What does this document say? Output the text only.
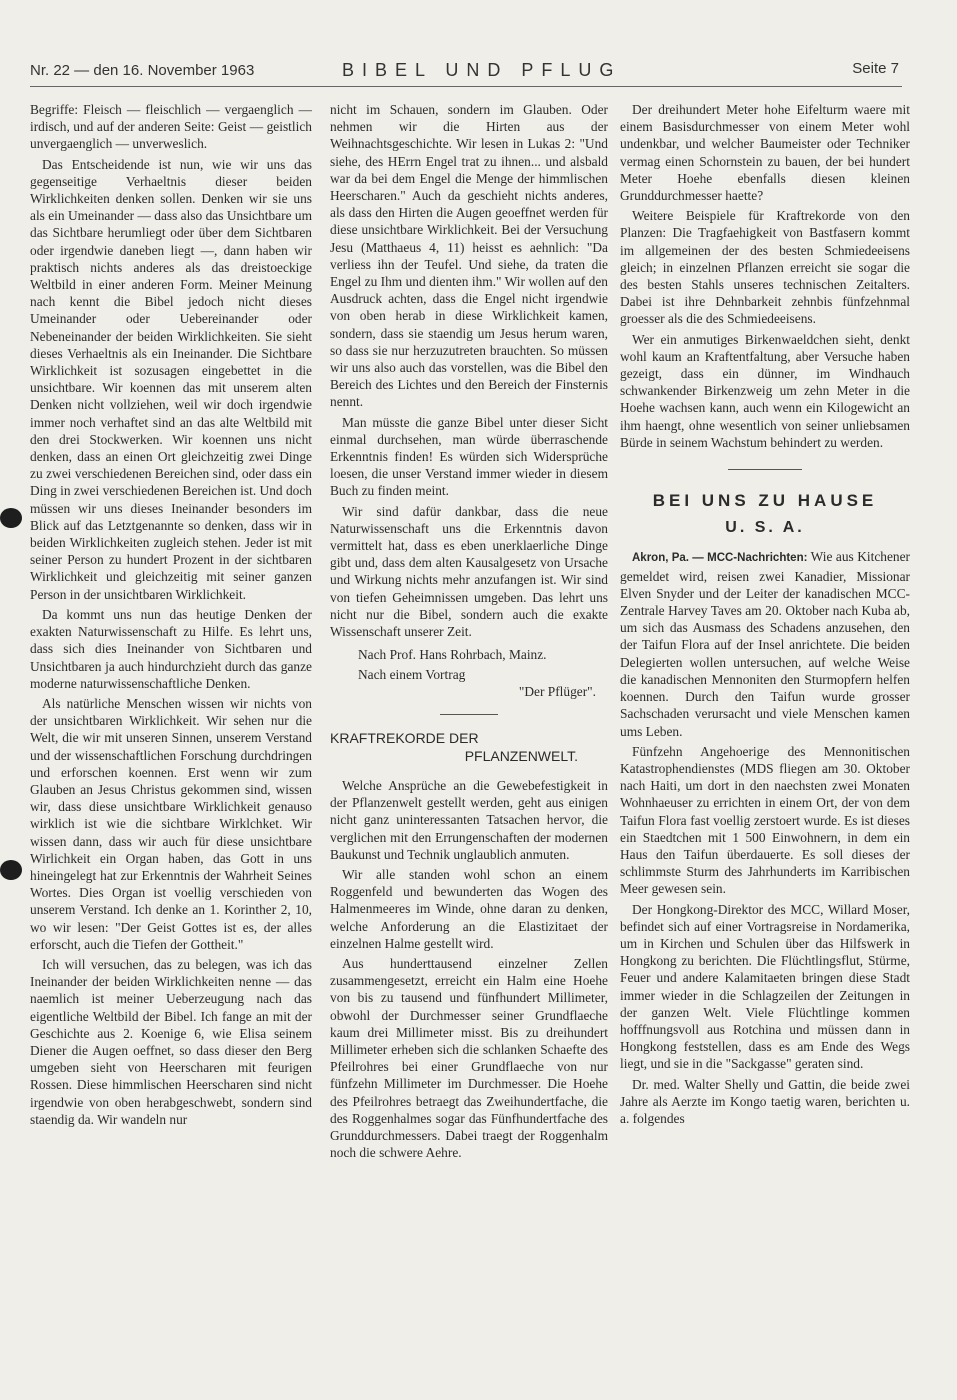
Nr. 22 — den 16. November 1963	BIBEL UND PFLUG	Seite 7

Begriffe: Fleisch — fleischlich — vergaenglich — irdisch, und auf der anderen Seite: Geist — geistlich unvergaenglich — unverweslich.

Das Entscheidende ist nun, wie wir uns das gegenseitige Verhaeltnis dieser beiden Wirklichkeiten denken sollen. Denken wir sie uns als ein Umeinander — dass also das Unsichtbare um das Sichtbare herumliegt oder über dem Sichtbaren oder irgendwie daneben liegt —, dann haben wir praktisch nichts anderes als das dreistoeckige Weltbild in einer anderen Form. Meiner Meinung nach kennt die Bibel jedoch nicht dieses Umeinander oder Uebereinander oder Nebeneinander der beiden Wirklichkeiten. Sie sieht dieses Verhaeltnis als ein Ineinander. Die Sichtbare Wirklichkeit ist sozusagen eingebettet in die unsichtbare. Wir koennen das mit unserem alten Denken nicht vollziehen, weil wir doch irgendwie immer noch verhaftet sind an das alte Weltbild mit den drei Stockwerken. Wir koennen uns nicht denken, dass an einen Ort gleichzeitig zwei Dinge zu zwei verschiedenen Bereichen sind, oder dass ein Ding in zwei verschiedenen Bereichen ist. Und doch müssen wir uns dieses Ineinander besonders im Blick auf das Letztgenannte so denken, dass wir in beiden Wirklichkeiten zugleich stehen. Jeder ist mit seiner Person zu hundert Prozent in der sichtbaren Wirklichkeit und gleichzeitig mit seiner ganzen Person in der unsichtbaren Wirklichkeit.

Da kommt uns nun das heutige Denken der exakten Naturwissenschaft zu Hilfe. Es lehrt uns, dass sich dies Ineinander von Sichtbaren und Unsichtbaren ja auch hindurchzieht durch das ganze moderne naturwissenschaftliche Denken.

Als natürliche Menschen wissen wir nichts von der unsichtbaren Wirklichkeit. Wir sehen nur die Welt, die wir mit unseren Sinnen, unserem Verstand und der wissenschaftlichen Forschung durchdringen und erforschen koennen. Erst wenn wir zum Glauben an Jesus Christus gekommen sind, wissen wir, dass diese unsichtbare Wirklichkeit genauso wirklich ist wie die sichtbare Wirklchket. Wir wissen dann, dass wir auch für diese unsichtbare Wirlichkeit ein Organ haben, das Gott in uns hineingelegt hat zur Erkenntnis der Wahrheit Seines Wortes. Dies Organ ist voellig verschieden von unserem Verstand. Ich denke an 1. Korinther 2, 10, wo wir lesen: "Der Geist Gottes ist es, der alles erforscht, auch die Tiefen der Gottheit."

Ich will versuchen, das zu belegen, was ich das Ineinander der beiden Wirklichkeiten nenne — das naemlich ist meiner Ueberzeugung nach das eigentliche Weltbild der Bibel. Ich fange an mit der Geschichte aus 2. Koenige 6, wie Elisa seinem Diener die Augen oeffnet, so dass dieser den Berg umgeben sieht von Heerscharen mit feurigen Rossen. Diese himmlischen Heerscharen sind nicht irgendwie von oben herabgeschwebt, sondern sind staendig da. Wir wandeln nur

nicht im Schauen, sondern im Glauben. Oder nehmen wir die Hirten aus der Weihnachtsgeschichte. Wir lesen in Lukas 2: "Und siehe, des HErrn Engel trat zu ihnen... und alsbald war da bei dem Engel die Menge der himmlischen Heerscharen." Auch da geschieht nichts anderes, als dass den Hirten die Augen geoeffnet werden für diese unsichtbare Wirklichkeit. Bei der Versuchung Jesu (Matthaeus 4, 11) heisst es aehnlich: "Da verliess ihn der Teufel. Und siehe, da traten die Engel zu Ihm und dienten ihm." Wir wollen auf den Ausdruck achten, dass die Engel nicht irgendwie von oben herab in diese Wirklichkeit kamen, sondern, dass sie staendig um Jesus herum waren, so dass sie nur herzuzutreten brauchten. So müssen wir uns also auch das vorstellen, was die Bibel den Bereich des Lichtes und den Bereich der Finsternis nennt.

Man müsste die ganze Bibel unter dieser Sicht einmal durchsehen, man würde überraschende Erkenntnis finden! Es würden sich Widersprüche loesen, die unser Verstand immer wieder in diesem Buch zu finden meint.

Wir sind dafür dankbar, dass die neue Naturwissenschaft uns die Erkenntnis davon vermittelt hat, dass es eben unerklaerliche Dinge gibt und, dass dem alten Kausalgesetz von Ursache und Wirkung nichts mehr anzufangen ist. Wir sind von tiefen Geheimnissen umgeben. Das lehrt uns nicht nur die Bibel, sondern auch die exakte Wissenschaft unserer Zeit.

Nach Prof. Hans Rohrbach, Mainz.

Nach einem Vortrag

"Der Pflüger".

KRAFTREKORDE DER
PFLANZENWELT.

Welche Ansprüche an die Gewebefestigkeit in der Pflanzenwelt gestellt werden, geht aus einigen nicht ganz uninteressanten Tatsachen hervor, die verglichen mit den Errungenschaften der modernen Baukunst und Technik unglaublich anmuten.

Wir alle standen wohl schon an einem Roggenfeld und bewunderten das Wogen des Halmenmeeres im Winde, ohne daran zu denken, welche Anforderung an die Elastizitaet der einzelnen Halme gestellt wird.

Aus hunderttausend einzelner Zellen zusammengesetzt, erreicht ein Halm eine Hoehe von bis zu tausend und fünfhundert Millimeter, obwohl der Durchmesser seiner Grundflaeche kaum drei Millimeter misst. Bis zu dreihundert Millimeter erheben sich die schlanken Schaefte des Pfeilrohres bei einer Grundflaeche von nur fünfzehn Millimeter im Durchmesser. Die Hoehe des Pfeilrohres betraegt das Zweihundertfache, die des Roggenhalmes sogar das Fünfhundertfache des Grunddurchmessers. Dabei traegt der Roggenhalm noch die schwere Aehre.

Der dreihundert Meter hohe Eifelturm waere mit einem Basisdurchmesser von einem Meter wohl undenkbar, und welcher Baumeister oder Techniker vermag einen Schornstein zu bauen, der bei hundert Meter Hoehe ebenfalls diesen kleinen Grunddurchmesser haette?

Weitere Beispiele für Kraftrekorde von den Planzen: Die Tragfaehigkeit von Bastfasern kommt im allgemeinen der des besten Schmiedeeisens gleich; in einzelnen Pflanzen erreicht sie sogar die des besten Stahls unseres technischen Zeitalters. Dabei ist ihre Dehnbarkeit zehnbis fünfzehnmal groesser als die des Schmiedeeisens.

Wer ein anmutiges Birkenwaeldchen sieht, denkt wohl kaum an Kraftentfaltung, aber Versuche haben gezeigt, dass ein dünner, im Windhauch schwankender Birkenzweig um zehn Meter in die Hoehe wachsen kann, auch wenn ein Kilogewicht an ihm haengt, ohne wesentlich von seiner unliebsamen Bürde in seinem Wachstum behindert zu werden.

BEI UNS ZU HAUSE
U. S. A.

Akron, Pa. — MCC-Nachrichten: Wie aus Kitchener gemeldet wird, reisen zwei Kanadier, Missionar Elven Snyder und der Leiter der kanadischen MCC-Zentrale Harvey Taves am 20. Oktober nach Kuba ab, um sich das Ausmass des Schadens anzusehen, den der Taifun Flora auf der Insel anrichtete. Die beiden Delegierten wollen untersuchen, auf welche Weise die kanadischen Mennoniten den Sturmopfern helfen koennen. Durch den Taifun wurde grosser Sachschaden verursacht und viele Menschen kamen ums Leben.

Fünfzehn Angehoerige des Mennonitischen Katastrophendienstes (MDS fliegen am 30. Oktober nach Haiti, um dort in den naechsten zwei Monaten Wohnhaeuser zu errichten in einem Ort, der von dem Taifun Flora fast voellig zerstoert wurde. Es ist dieses ein Staedtchen mit 1 500 Einwohnern, in dem ein Haus den Taifun überdauerte. Es soll dieses der schlimmste Sturm des Jahrhunderts im Karribischen Meer gewesen sein.

Der Hongkong-Direktor des MCC, Willard Moser, befindet sich auf einer Vortragsreise in Nordamerika, um in Kirchen und Schulen über das Hilfswerk in Hongkong zu berichten. Die Flüchtlingsflut, Stürme, Feuer und andere Kalamitaeten bringen diese Stadt immer wieder in die Schlagzeilen der Zeitungen in der ganzen Welt. Viele Flüchtlinge kommen hofffnungsvoll aus Rotchina und müssen dann in Hongkong feststellen, dass es am Ende des Wegs liegt, und sie in die "Sackgasse" geraten sind.

Dr. med. Walter Shelly und Gattin, die beide zwei Jahre als Aerzte im Kongo taetig waren, berichten u. a. folgendes
